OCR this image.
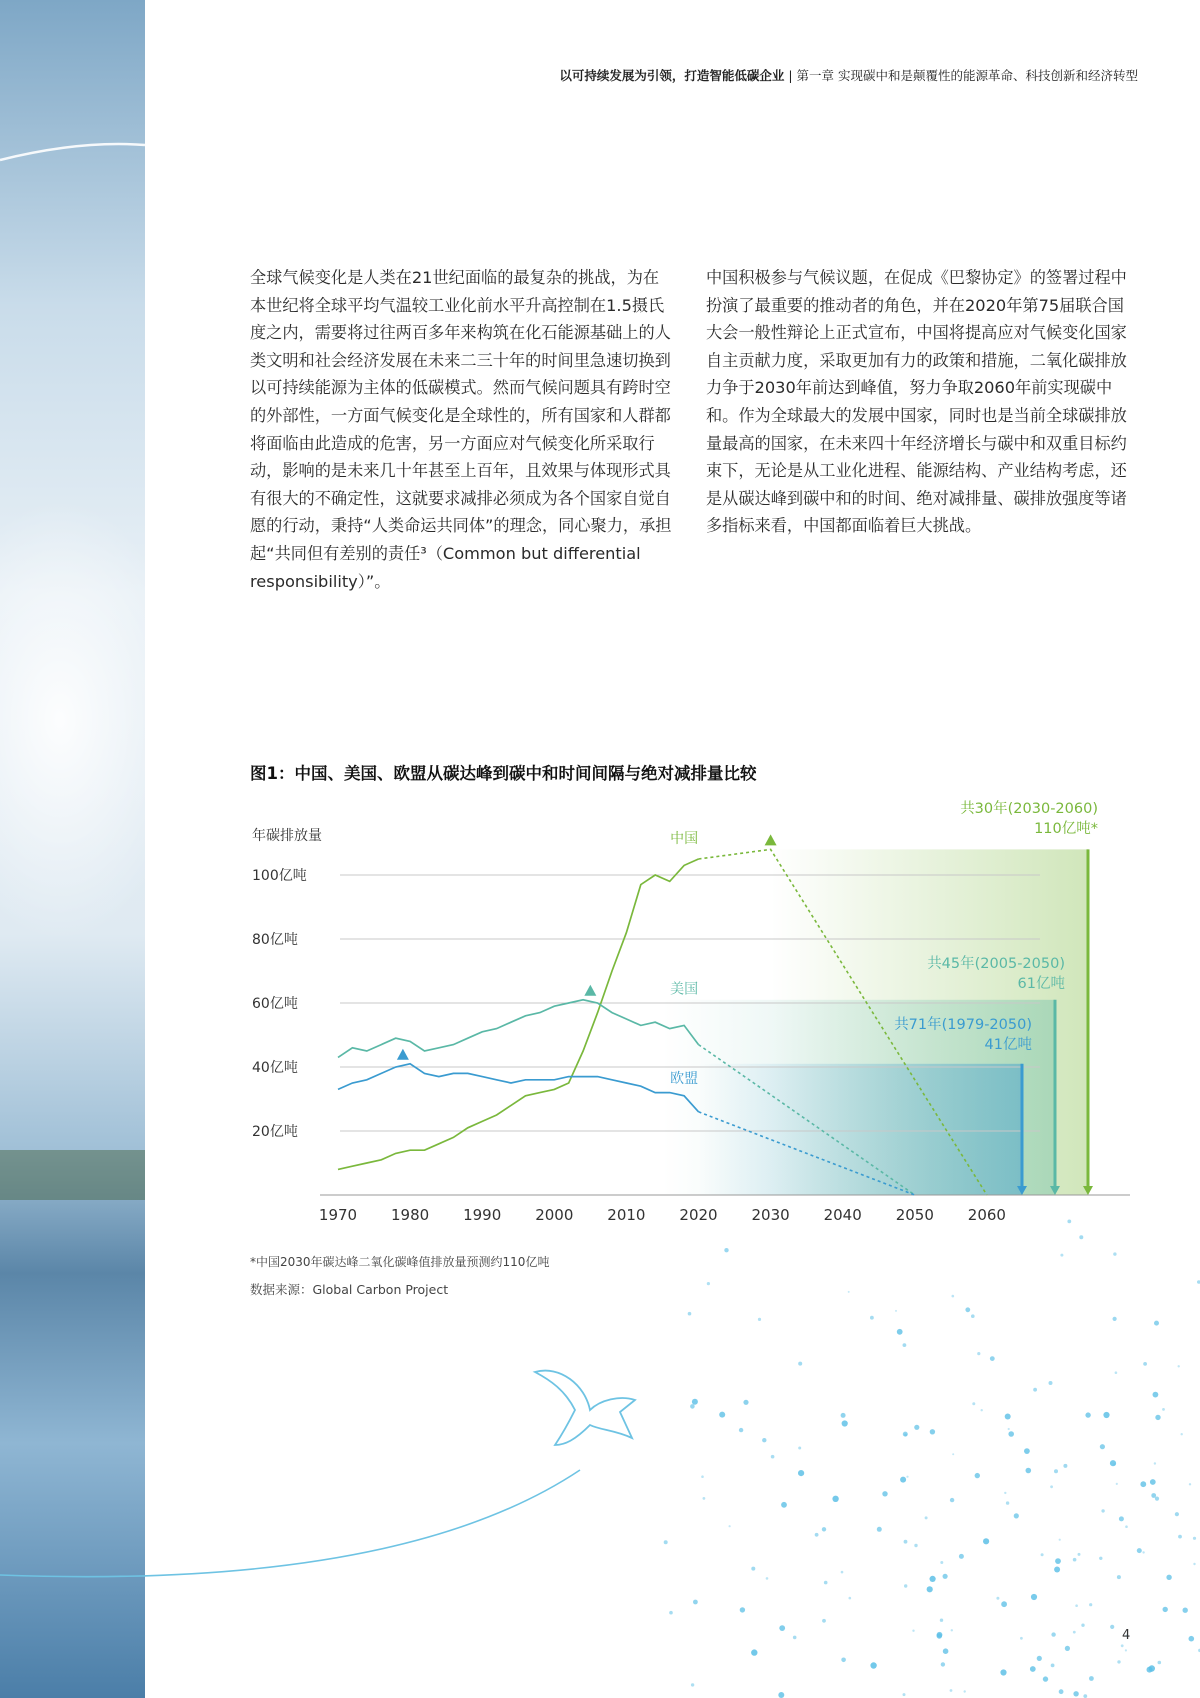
以可持续发展为引领，打造智能低碳企业 | 第一章 实现碳中和是颠覆性的能源革命、科技创新和经济转型
全球气候变化是人类在21世纪面临的最复杂的挑战，为在本世纪将全球平均气温较工业化前水平升高控制在1.5摄氏度之内，需要将过往两百多年来构筑在化石能源基础上的人类文明和社会经济发展在未来二三十年的时间里急速切换到以可持续能源为主体的低碳模式。然而气候问题具有跨时空的外部性，一方面气候变化是全球性的，所有国家和人群都将面临由此造成的危害，另一方面应对气候变化所采取行动，影响的是未来几十年甚至上百年，且效果与体现形式具有很大的不确定性，这就要求减排必须成为各个国家自觉自愿的行动，秉持“人类命运共同体”的理念，同心聚力，承担起“共同但有差别的责任³（Common but differential responsibility）”。
中国积极参与气候议题，在促成《巴黎协定》的签署过程中扮演了最重要的推动者的角色，并在2020年第75届联合国大会一般性辩论上正式宣布，中国将提高应对气候变化国家自主贡献力度，采取更加有力的政策和措施，二氧化碳排放力争于2030年前达到峰值，努力争取2060年前实现碳中和。作为全球最大的发展中国家，同时也是当前全球碳排放量最高的国家，在未来四十年经济增长与碳中和双重目标约束下，无论是从工业化进程、能源结构、产业结构考虑，还是从碳达峰到碳中和的时间、绝对减排量、碳排放强度等诸多指标来看，中国都面临着巨大挑战。
图1：中国、美国、欧盟从碳达峰到碳中和时间间隔与绝对减排量比较
年碳排放量
100亿吨
80亿吨
60亿吨
40亿吨
20亿吨
1970 1980 1990 2000 2010 2020 2030 2040 2050 2060
共30年(2030-2060)
110亿吨*
共45年(2005-2050)
61亿吨
共71年(1979-2050)
41亿吨
中国
美国
欧盟
*中国2030年碳达峰二氧化碳峰值排放量预测约110亿吨
数据来源：Global Carbon Project
4
